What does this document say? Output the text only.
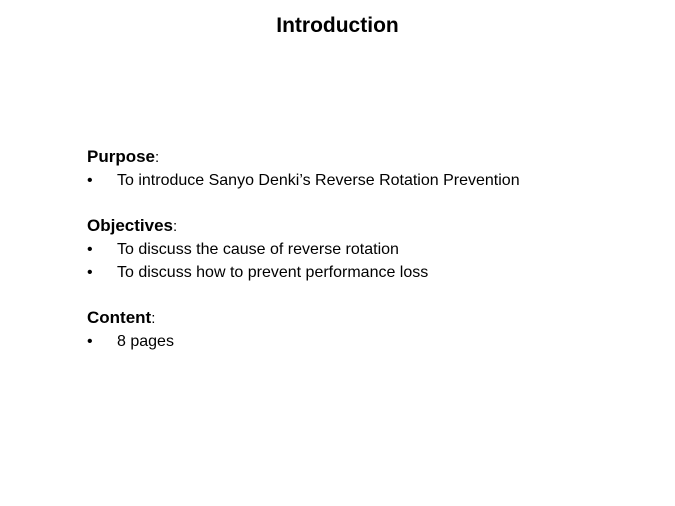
Introduction
Purpose:
• To introduce Sanyo Denki’s Reverse Rotation Prevention
Objectives:
• To discuss the cause of reverse rotation
• To discuss how to prevent performance loss
Content:
• 8 pages
